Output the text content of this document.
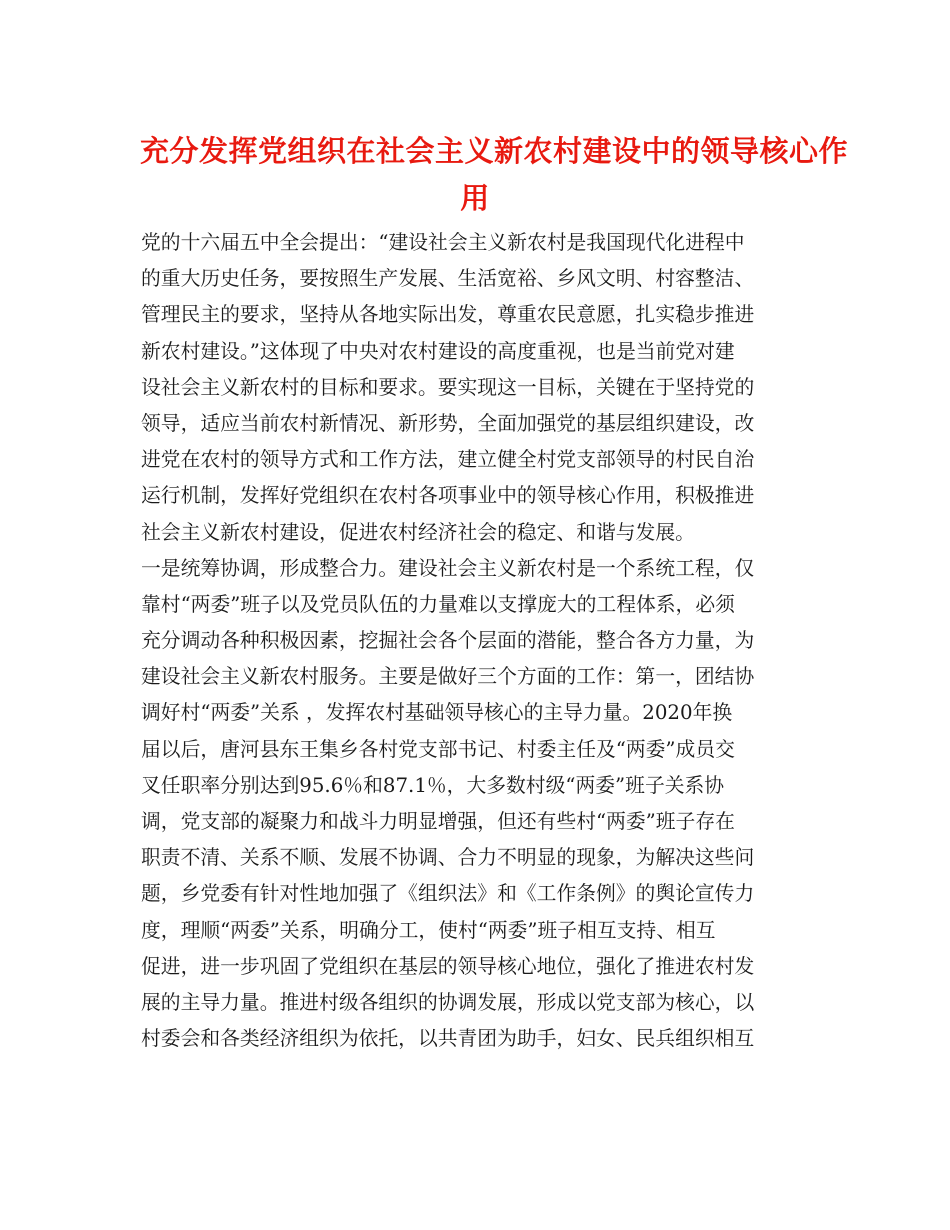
充分发挥党组织在社会主义新农村建设中的领导核心作
用
党的十六届五中全会提出：“建设社会主义新农村是我国现代化进程中
的重大历史任务，要按照生产发展、生活宽裕、乡风文明、村容整洁、
管理民主的要求，坚持从各地实际出发，尊重农民意愿，扎实稳步推进
新农村建设。”这体现了中央对农村建设的高度重视，也是当前党对建
设社会主义新农村的目标和要求。要实现这一目标，关键在于坚持党的
领导，适应当前农村新情况、新形势，全面加强党的基层组织建设，改
进党在农村的领导方式和工作方法，建立健全村党支部领导的村民自治
运行机制，发挥好党组织在农村各项事业中的领导核心作用，积极推进
社会主义新农村建设，促进农村经济社会的稳定、和谐与发展。
一是统筹协调，形成整合力。建设社会主义新农村是一个系统工程，仅
靠村“两委”班子以及党员队伍的力量难以支撑庞大的工程体系，必须
充分调动各种积极因素，挖掘社会各个层面的潜能，整合各方力量，为
建设社会主义新农村服务。主要是做好三个方面的工作：第一，团结协
调好村“两委”关系 ，发挥农村基础领导核心的主导力量。2020年换
届以后，唐河县东王集乡各村党支部书记、村委主任及“两委”成员交
叉任职率分别达到95.6％和87.1％，大多数村级“两委”班子关系协
调，党支部的凝聚力和战斗力明显增强，但还有些村“两委”班子存在
职责不清、关系不顺、发展不协调、合力不明显的现象，为解决这些问
题，乡党委有针对性地加强了《组织法》和《工作条例》的舆论宣传力
度，理顺“两委”关系，明确分工，使村“两委”班子相互支持、相互
促进，进一步巩固了党组织在基层的领导核心地位，强化了推进农村发
展的主导力量。推进村级各组织的协调发展，形成以党支部为核心，以
村委会和各类经济组织为依托，以共青团为助手，妇女、民兵组织相互
